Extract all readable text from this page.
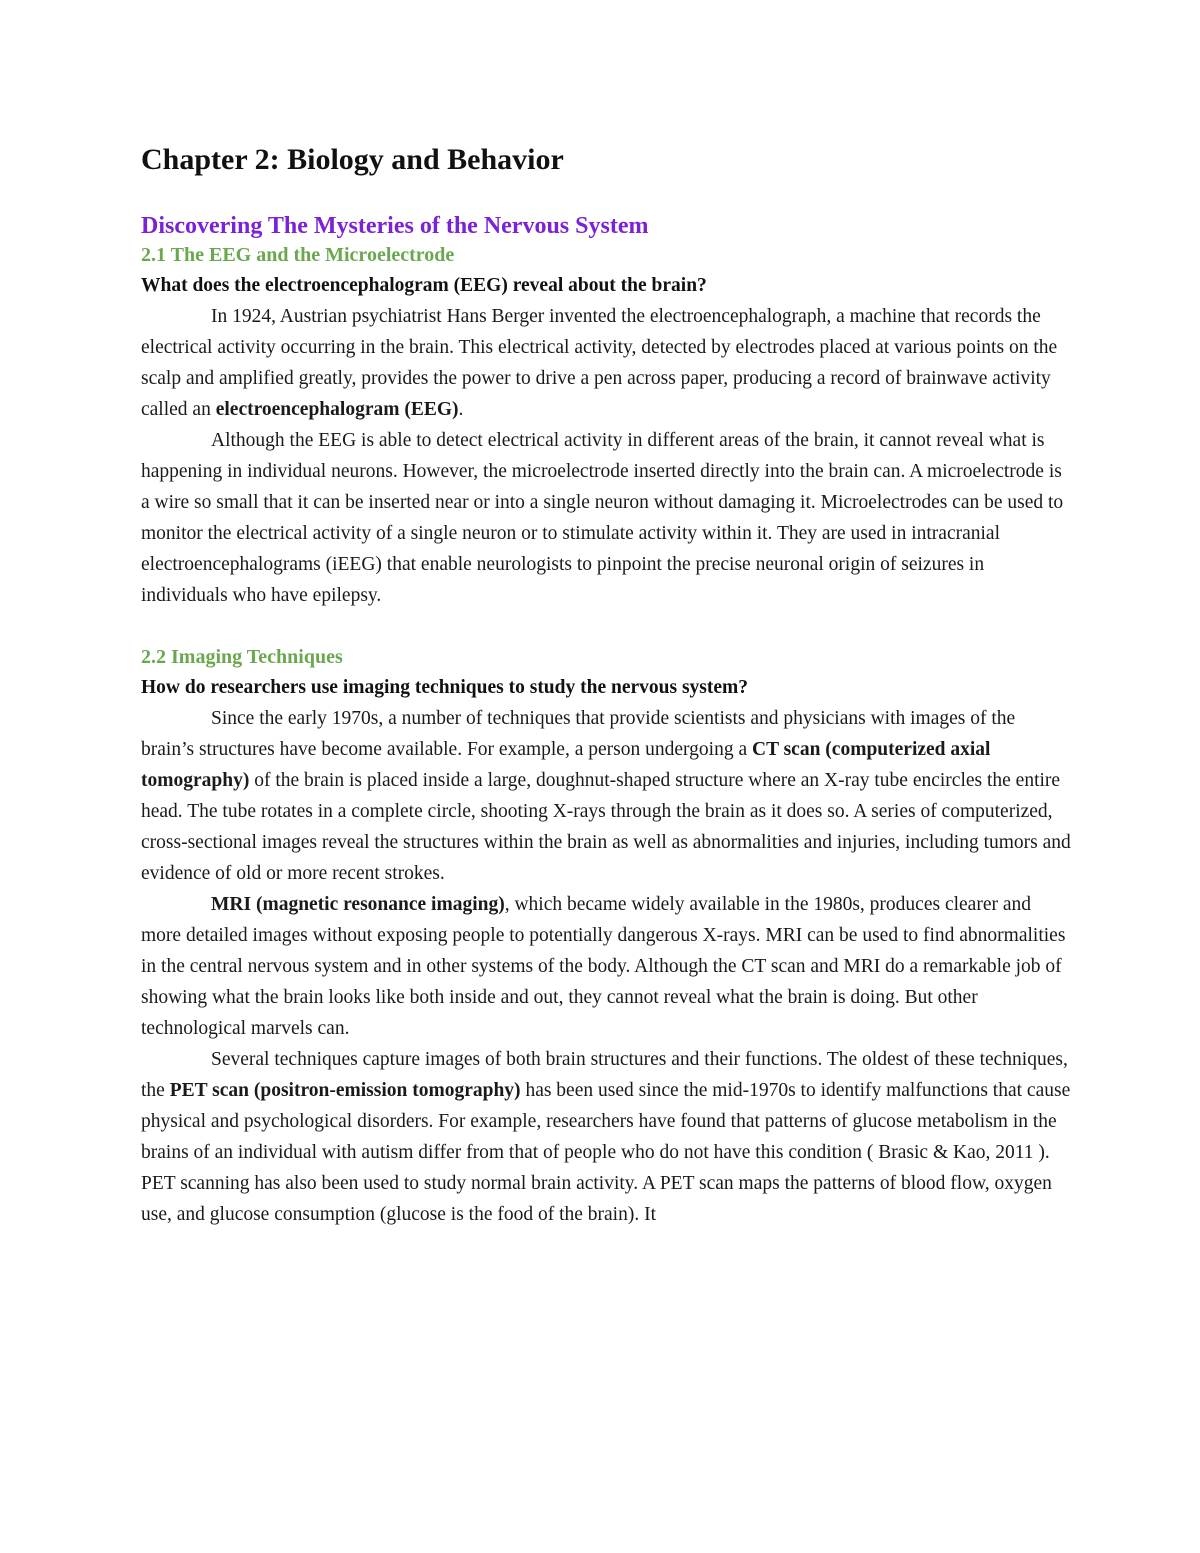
Chapter 2: Biology and Behavior
Discovering The Mysteries of the Nervous System
2.1 The EEG and the Microelectrode
What does the electroencephalogram (EEG) reveal about the brain?

In 1924, Austrian psychiatrist Hans Berger invented the electroencephalograph, a machine that records the electrical activity occurring in the brain. This electrical activity, detected by electrodes placed at various points on the scalp and amplified greatly, provides the power to drive a pen across paper, producing a record of brainwave activity called an electroencephalogram (EEG).

Although the EEG is able to detect electrical activity in different areas of the brain, it cannot reveal what is happening in individual neurons. However, the microelectrode inserted directly into the brain can. A microelectrode is a wire so small that it can be inserted near or into a single neuron without damaging it. Microelectrodes can be used to monitor the electrical activity of a single neuron or to stimulate activity within it. They are used in intracranial electroencephalograms (iEEG) that enable neurologists to pinpoint the precise neuronal origin of seizures in individuals who have epilepsy.

2.2 Imaging Techniques
How do researchers use imaging techniques to study the nervous system?

Since the early 1970s, a number of techniques that provide scientists and physicians with images of the brain’s structures have become available. For example, a person undergoing a CT scan (computerized axial tomography) of the brain is placed inside a large, doughnut-shaped structure where an X-ray tube encircles the entire head. The tube rotates in a complete circle, shooting X-rays through the brain as it does so. A series of computerized, cross-sectional images reveal the structures within the brain as well as abnormalities and injuries, including tumors and evidence of old or more recent strokes.

MRI (magnetic resonance imaging), which became widely available in the 1980s, produces clearer and more detailed images without exposing people to potentially dangerous X-rays. MRI can be used to find abnormalities in the central nervous system and in other systems of the body. Although the CT scan and MRI do a remarkable job of showing what the brain looks like both inside and out, they cannot reveal what the brain is doing. But other technological marvels can.

Several techniques capture images of both brain structures and their functions. The oldest of these techniques, the PET scan (positron-emission tomography) has been used since the mid-1970s to identify malfunctions that cause physical and psychological disorders. For example, researchers have found that patterns of glucose metabolism in the brains of an individual with autism differ from that of people who do not have this condition ( Brasic & Kao, 2011 ). PET scanning has also been used to study normal brain activity. A PET scan maps the patterns of blood flow, oxygen use, and glucose consumption (glucose is the food of the brain). It
